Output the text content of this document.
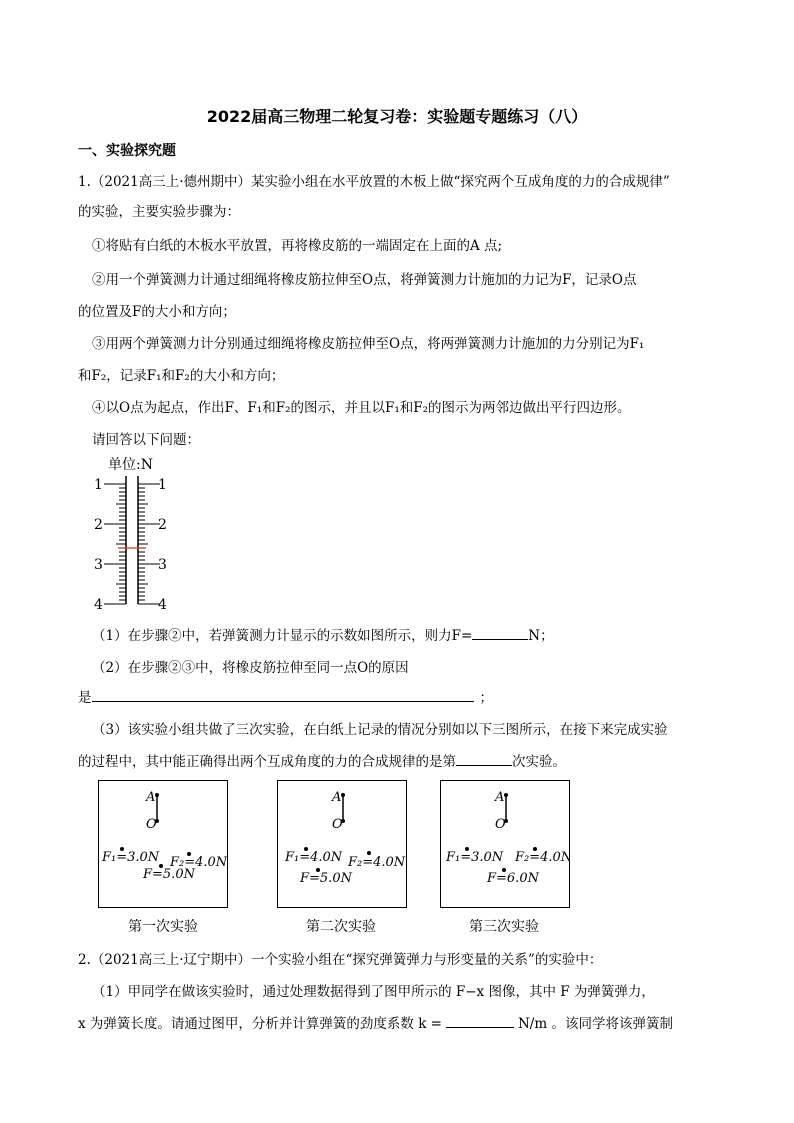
2022届高三物理二轮复习卷：实验题专题练习（八）
一、实验探究题
1.（2021高三上·德州期中）某实验小组在水平放置的木板上做“探究两个互成角度的力的合成规律”
的实验，主要实验步骤为：
①将贴有白纸的木板水平放置，再将橡皮筋的一端固定在上面的A 点;
②用一个弹簧测力计通过细绳将橡皮筋拉伸至O点，将弹簧测力计施加的力记为F，记录O点
的位置及F的大小和方向；
③用两个弹簧测力计分别通过细绳将橡皮筋拉伸至O点，将两弹簧测力计施加的力分别记为F₁
和F₂，记录F₁和F₂的大小和方向；
④以O点为起点，作出F、F₁和F₂的图示，并且以F₁和F₂的图示为两邻边做出平行四边形。
请回答以下问题：
单位:N
1
2
3
4
1
2
3
4
（1）在步骤②中，若弹簧测力计显示的示数如图所示，则力F=	N；
（2）在步骤②③中，将橡皮筋拉伸至同一点O的原因
是	；
（3）该实验小组共做了三次实验，在白纸上记录的情况分别如以下三图所示，在接下来完成实验
的过程中，其中能正确得出两个互成角度的力的合成规律的是第	次实验。
A
O
F₁=3.0N F₂=4.0N
F=5.0N
第一次实验
A
O
F₁=4.0N F₂=4.0N
F=5.0N
第二次实验
A
O
F₁=3.0N F₂=4.0N
F=6.0N
第三次实验
2.（2021高三上·辽宁期中）一个实验小组在“探究弹簧弹力与形变量的关系”的实验中：
（1）甲同学在做该实验时，通过处理数据得到了图甲所示的 F−x 图像，其中 F 为弹簧弹力，
x 为弹簧长度。请通过图甲，分析并计算弹簧的劲度系数 k =	N/m 。该同学将该弹簧制
